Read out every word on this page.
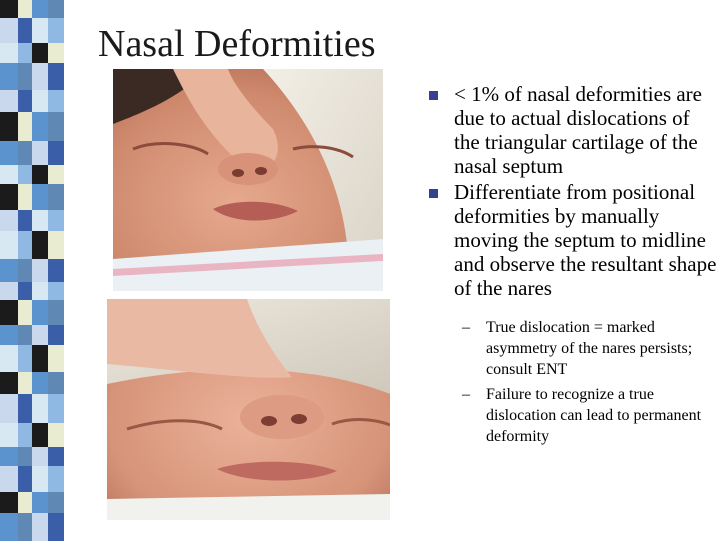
Nasal Deformities
< 1% of nasal deformities are due to actual dislocations of the triangular cartilage of the nasal septum
Differentiate from positional deformities by manually moving the septum to midline and observe the resultant shape of the nares
– True dislocation = marked asymmetry of the nares persists; consult ENT
– Failure to recognize a true dislocation can lead to permanent deformity
